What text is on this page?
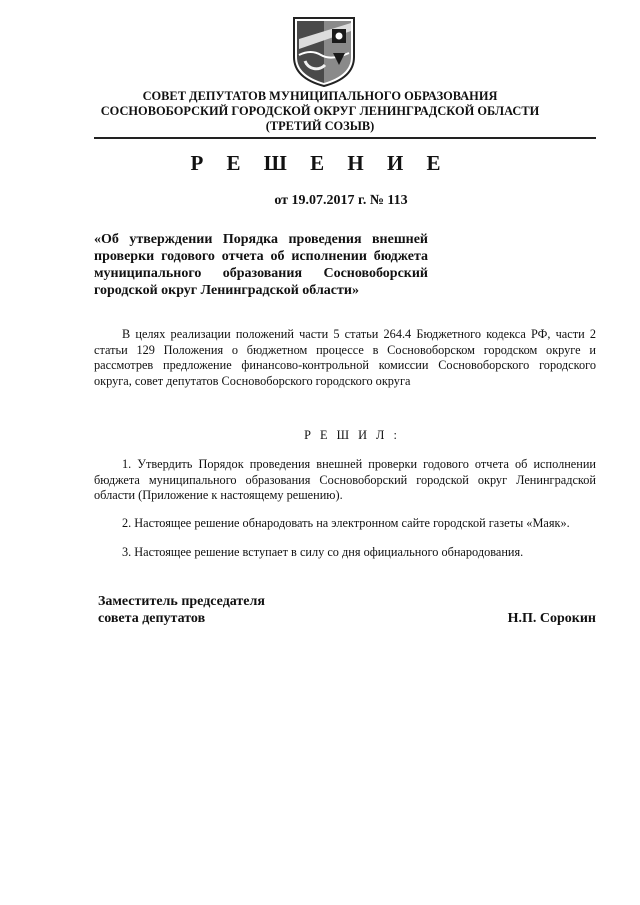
СОВЕТ ДЕПУТАТОВ МУНИЦИПАЛЬНОГО ОБРАЗОВАНИЯ
СОСНОВОБОРСКИЙ ГОРОДСКОЙ ОКРУГ ЛЕНИНГРАДСКОЙ ОБЛАСТИ
(ТРЕТИЙ СОЗЫВ)
Р Е Ш Е Н И Е
от 19.07.2017 г. № 113
«Об утверждении Порядка проведения внешней проверки годового отчета об исполнении бюджета муниципального образования Сосновоборский городской округ Ленинградской области»
В целях реализации положений части 5 статьи 264.4 Бюджетного кодекса РФ, части 2 статьи 129 Положения о бюджетном процессе в Сосновоборском городском округе и рассмотрев предложение финансово-контрольной комиссии Сосновоборского городского округа, совет депутатов Сосновоборского городского округа
Р Е Ш И Л :
1. Утвердить Порядок проведения внешней проверки годового отчета об исполнении бюджета муниципального образования Сосновоборский городской округ Ленинградской области (Приложение к настоящему решению).
2. Настоящее решение обнародовать на электронном сайте городской газеты «Маяк».
3. Настоящее решение вступает в силу со дня официального обнародования.
Заместитель председателя
совета депутатов	Н.П. Сорокин
